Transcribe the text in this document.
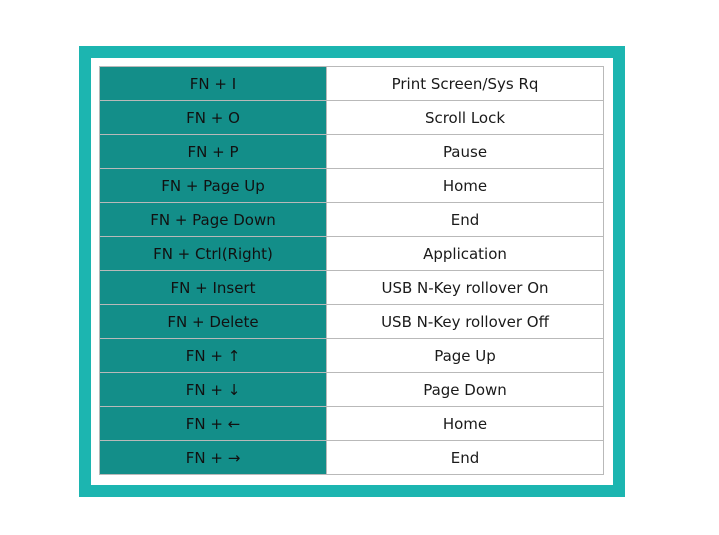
FN + I	Print Screen/Sys Rq
FN + O	Scroll Lock
FN + P	Pause
FN + Page Up	Home
FN + Page Down	End
FN + Ctrl(Right)	Application
FN + Insert	USB N-Key rollover On
FN + Delete	USB N-Key rollover Off
FN + ↑	Page Up
FN + ↓	Page Down
FN + ←	Home
FN + →	End
